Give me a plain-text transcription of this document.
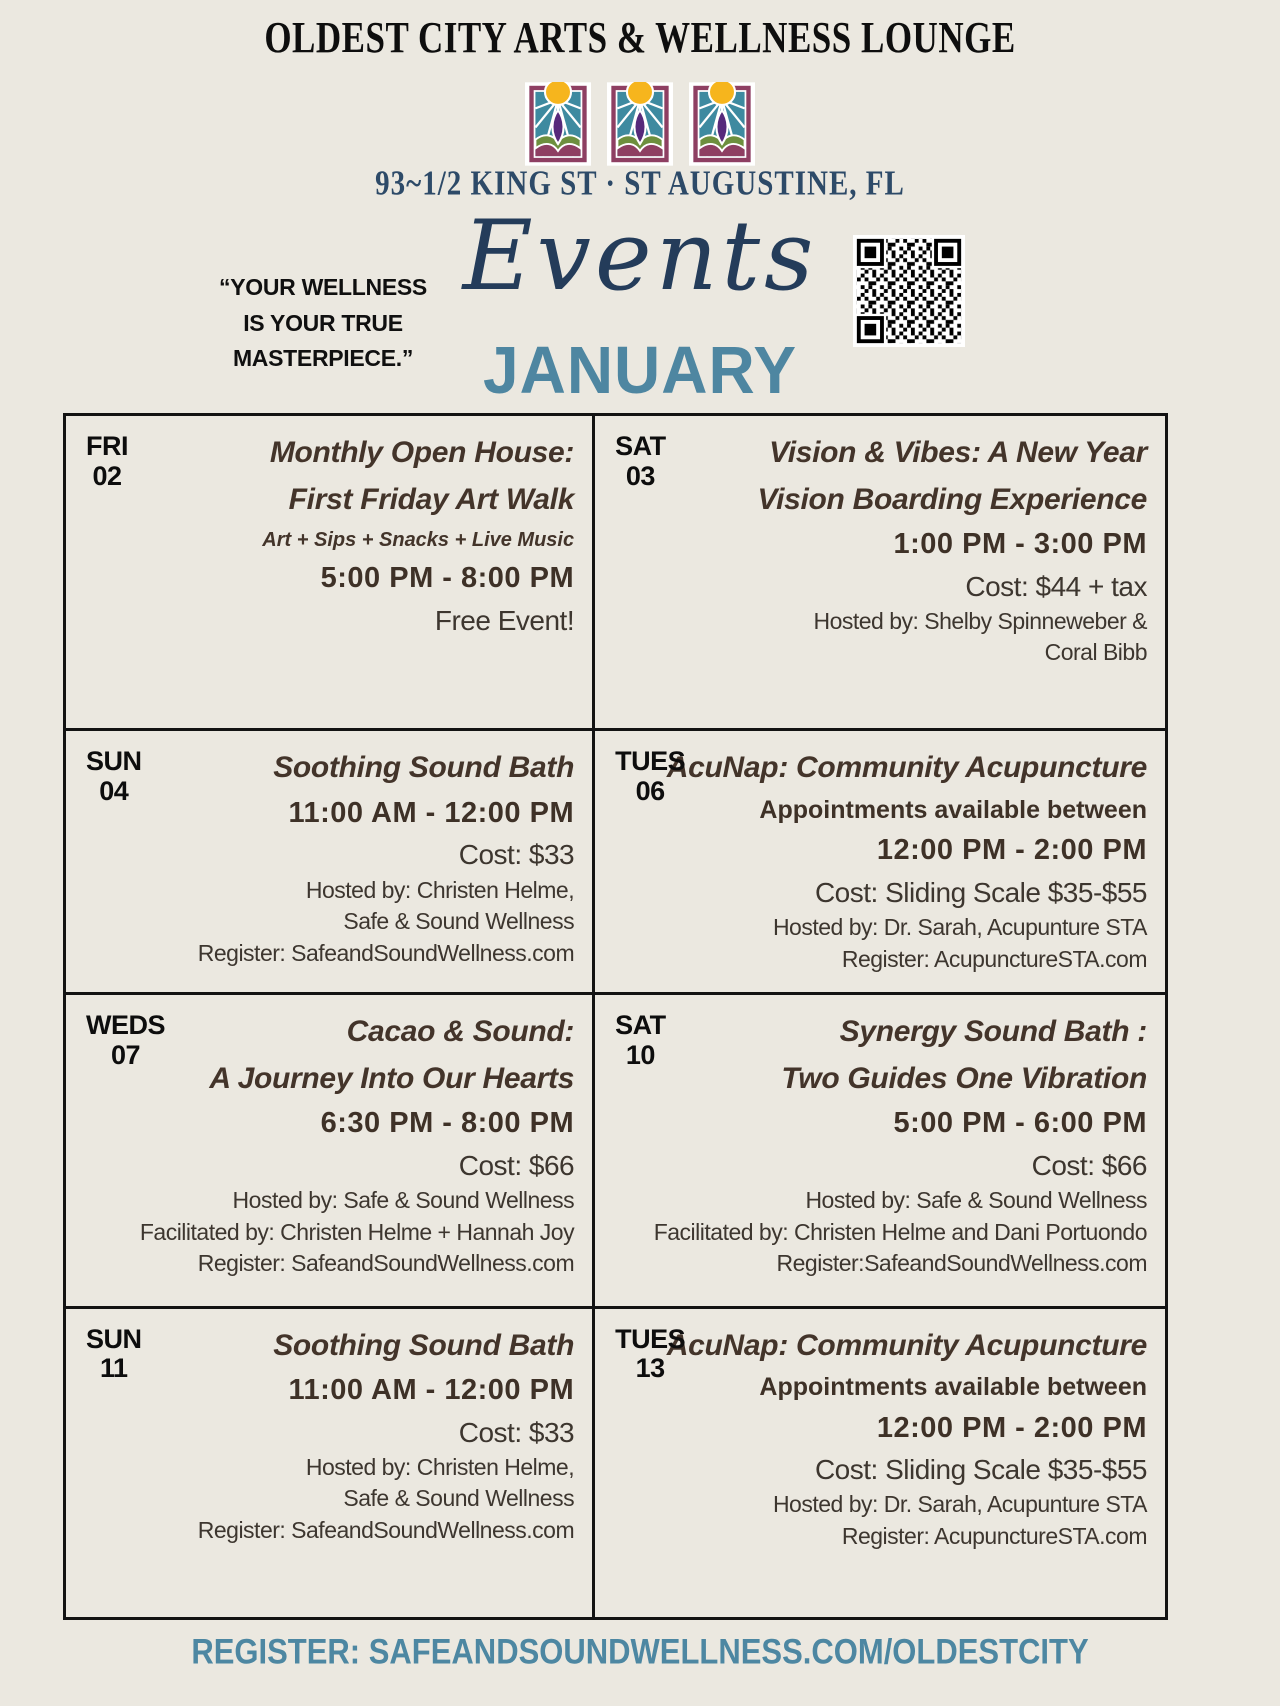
OLDEST CITY ARTS & WELLNESS LOUNGE
93~1/2 KING ST · ST AUGUSTINE, FL
Events
“YOUR WELLNESS
IS YOUR TRUE MASTERPIECE.”	JANUARY
FRI
02
Monthly Open House:
First Friday Art Walk
Art + Sips + Snacks + Live Music
5:00 PM - 8:00 PM
Free Event!
SAT
03
Vision & Vibes: A New Year
Vision Boarding Experience
1:00 PM - 3:00 PM
Cost: $44 + tax
Hosted by: Shelby Spinneweber &
Coral Bibb
SUN
04
Soothing Sound Bath
11:00 AM - 12:00 PM
Cost: $33
Hosted by: Christen Helme,
Safe & Sound Wellness
Register: SafeandSoundWellness.com
TUES
06
AcuNap: Community Acupuncture
Appointments available between
12:00 PM - 2:00 PM
Cost: Sliding Scale $35-$55
Hosted by: Dr. Sarah, Acupunture STA
Register: AcupunctureSTA.com
WEDS
07
Cacao & Sound:
A Journey Into Our Hearts
6:30 PM - 8:00 PM
Cost: $66
Hosted by: Safe & Sound Wellness
Facilitated by: Christen Helme + Hannah Joy
Register: SafeandSoundWellness.com
SAT
10
Synergy Sound Bath :
Two Guides One Vibration
5:00 PM - 6:00 PM
Cost: $66
Hosted by: Safe & Sound Wellness
Facilitated by: Christen Helme and Dani Portuondo
Register:SafeandSoundWellness.com
SUN
11
Soothing Sound Bath
11:00 AM - 12:00 PM
Cost: $33
Hosted by: Christen Helme,
Safe & Sound Wellness
Register: SafeandSoundWellness.com
TUES
13
AcuNap: Community Acupuncture
Appointments available between
12:00 PM - 2:00 PM
Cost: Sliding Scale $35-$55
Hosted by: Dr. Sarah, Acupunture STA
Register: AcupunctureSTA.com
REGISTER: SAFEANDSOUNDWELLNESS.COM/OLDESTCITY
